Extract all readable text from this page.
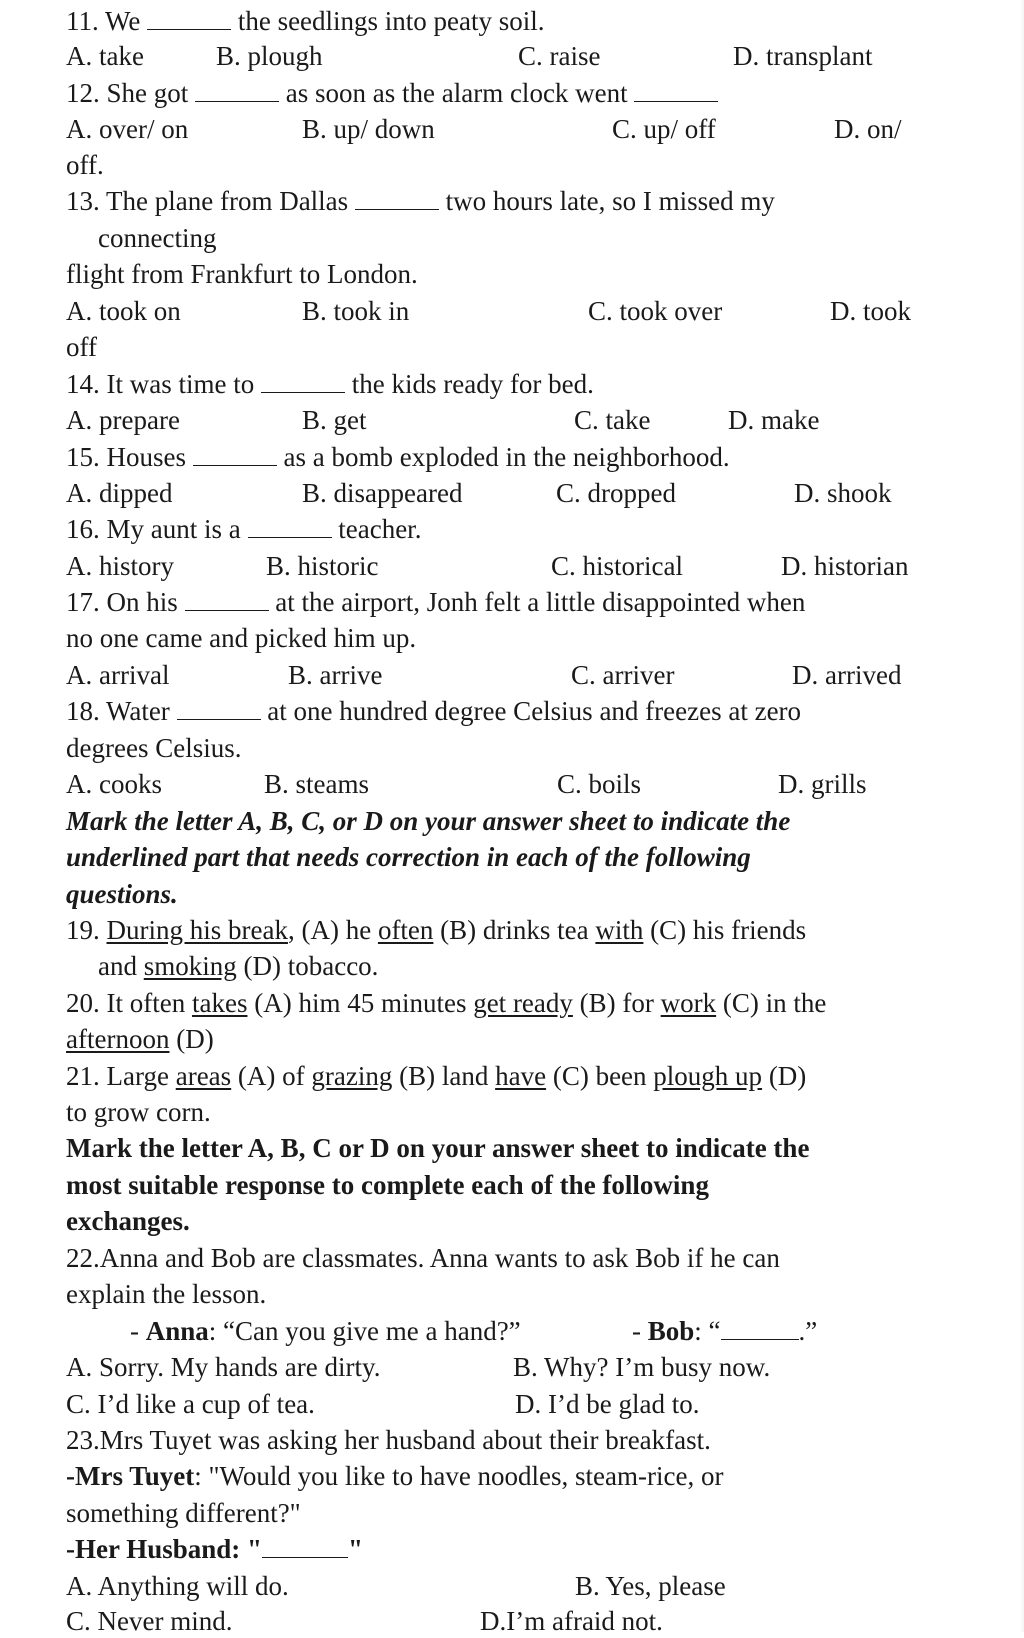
11. We	the seedlings into peaty soil.
A. take	B. plough	C. raise	D. transplant
12. She got	as soon as the alarm clock went
A. over/ on	B. up/ down	C. up/ off	D. on/
off.
13. The plane from Dallas	two hours late, so I missed my
connecting
flight from Frankfurt to London.
A. took on	B. took in	C. took over	D. took
off
14. It was time to	the kids ready for bed.
A. prepare	B. get	C. take	D. make
15. Houses	as a bomb exploded in the neighborhood.
A. dipped	B. disappeared	C. dropped	D. shook
16. My aunt is a	teacher.
A. history	B. historic	C. historical	D. historian
17. On his	at the airport, Jonh felt a little disappointed when
no one came and picked him up.
A. arrival	B. arrive	C. arriver	D. arrived
18. Water	at one hundred degree Celsius and freezes at zero
degrees Celsius.
A. cooks	B. steams	C. boils	D. grills
Mark the letter A, B, C, or D on your answer sheet to indicate the
underlined part that needs correction in each of the following
questions.
19. During his break, (A) he often (B) drinks tea with (C) his friends
and smoking (D) tobacco.
20. It often takes (A) him 45 minutes get ready (B) for work (C) in the
afternoon (D)
21. Large areas (A) of grazing (B) land have (C) been plough up (D)
to grow corn.
Mark the letter A, B, C or D on your answer sheet to indicate the
most suitable response to complete each of the following
exchanges.
22.Anna and Bob are classmates. Anna wants to ask Bob if he can
explain the lesson.
- Anna: “Can you give me a hand?”	- Bob: “	.”
A. Sorry. My hands are dirty.	B. Why? I’m busy now.
C. I’d like a cup of tea.	D. I’d be glad to.
23.Mrs Tuyet was asking her husband about their breakfast.
-Mrs Tuyet: "Would you like to have noodles, steam-rice, or
something different?"
-Her Husband: "	"
A. Anything will do.	B. Yes, please
C. Never mind.	D.I’m afraid not.
